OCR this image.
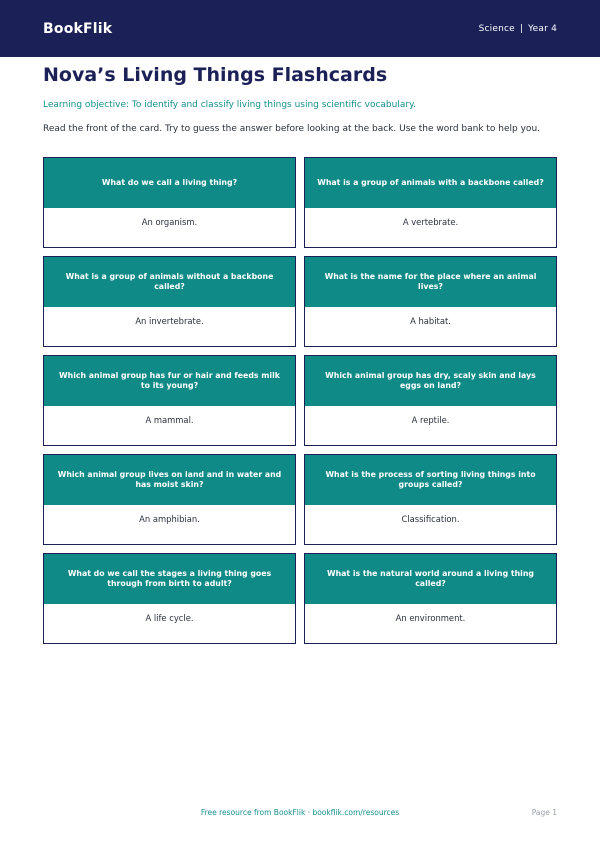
BookFlik	Science | Year 4
Nova’s Living Things Flashcards

Learning objective: To identify and classify living things using scientific vocabulary.

Read the front of the card. Try to guess the answer before looking at the back. Use the word bank to help you.

What do we call a living thing?
An organism.
What is a group of animals with a backbone called?
A vertebrate.
What is a group of animals without a backbone called?
An invertebrate.
What is the name for the place where an animal lives?
A habitat.
Which animal group has fur or hair and feeds milk to its young?
A mammal.
Which animal group has dry, scaly skin and lays eggs on land?
A reptile.
Which animal group lives on land and in water and has moist skin?
An amphibian.
What is the process of sorting living things into groups called?
Classification.
What do we call the stages a living thing goes through from birth to adult?
A life cycle.
What is the natural world around a living thing called?
An environment.
Free resource from BookFlik · bookflik.com/resources	Page 1
